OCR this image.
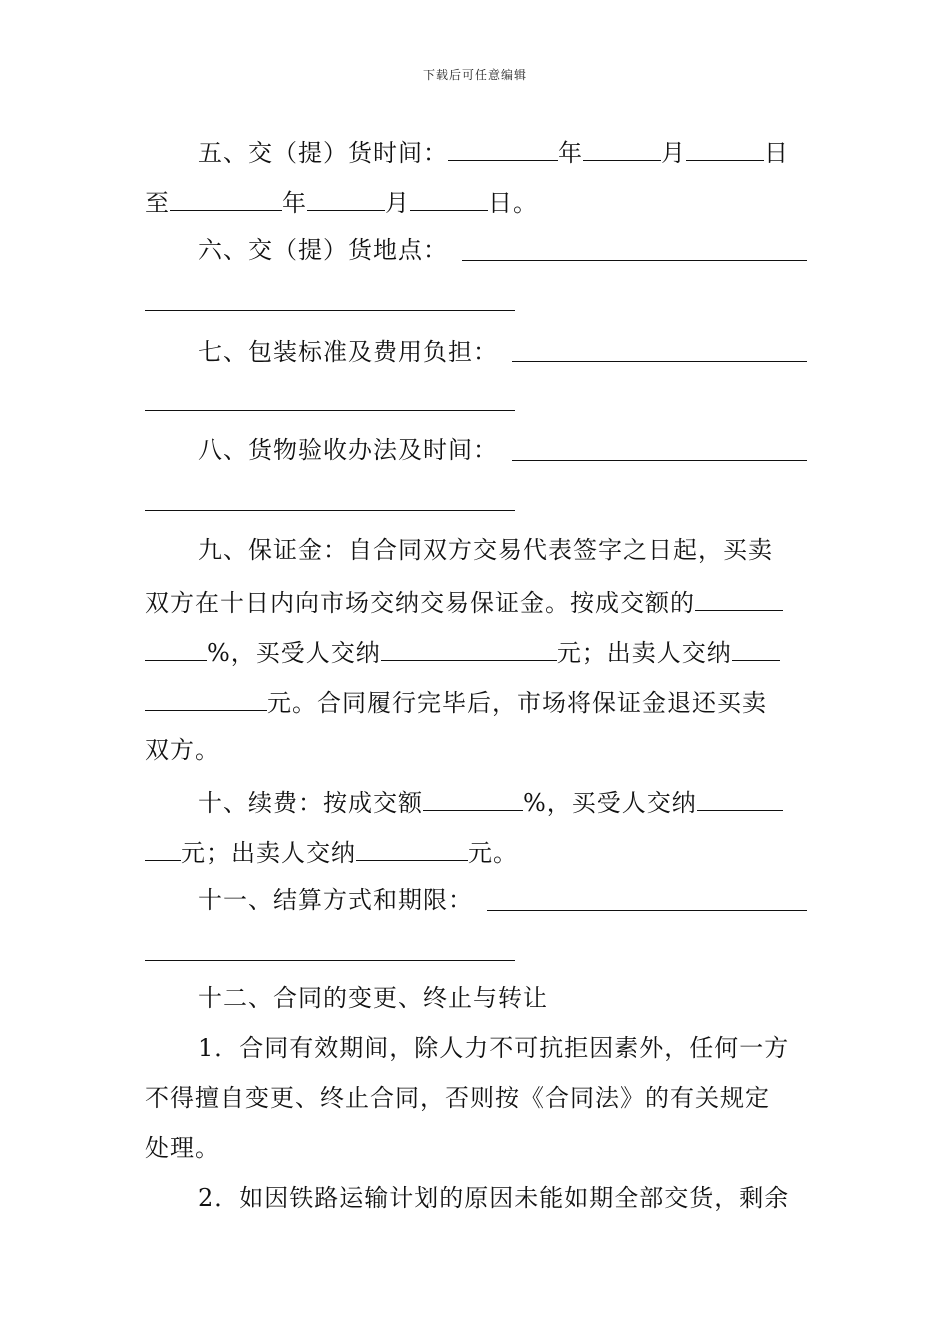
下载后可任意编辑
五、交（提）货时间：	年	月	日
至	年	月	日。
六、交（提）货地点：
七、包装标准及费用负担：
八、货物验收办法及时间：
九、保证金：自合同双方交易代表签字之日起，买卖
双方在十日内向市场交纳交易保证金。按成交额的
%，买受人交纳	元；出卖人交纳
元。合同履行完毕后，市场将保证金退还买卖
双方。
十、续费：按成交额	%，买受人交纳
元；出卖人交纳	元。
十一、结算方式和期限：
十二、合同的变更、终止与转让
1．合同有效期间，除人力不可抗拒因素外，任何一方
不得擅自变更、终止合同，否则按《合同法》的有关规定
处理。
2．如因铁路运输计划的原因未能如期全部交货，剩余
